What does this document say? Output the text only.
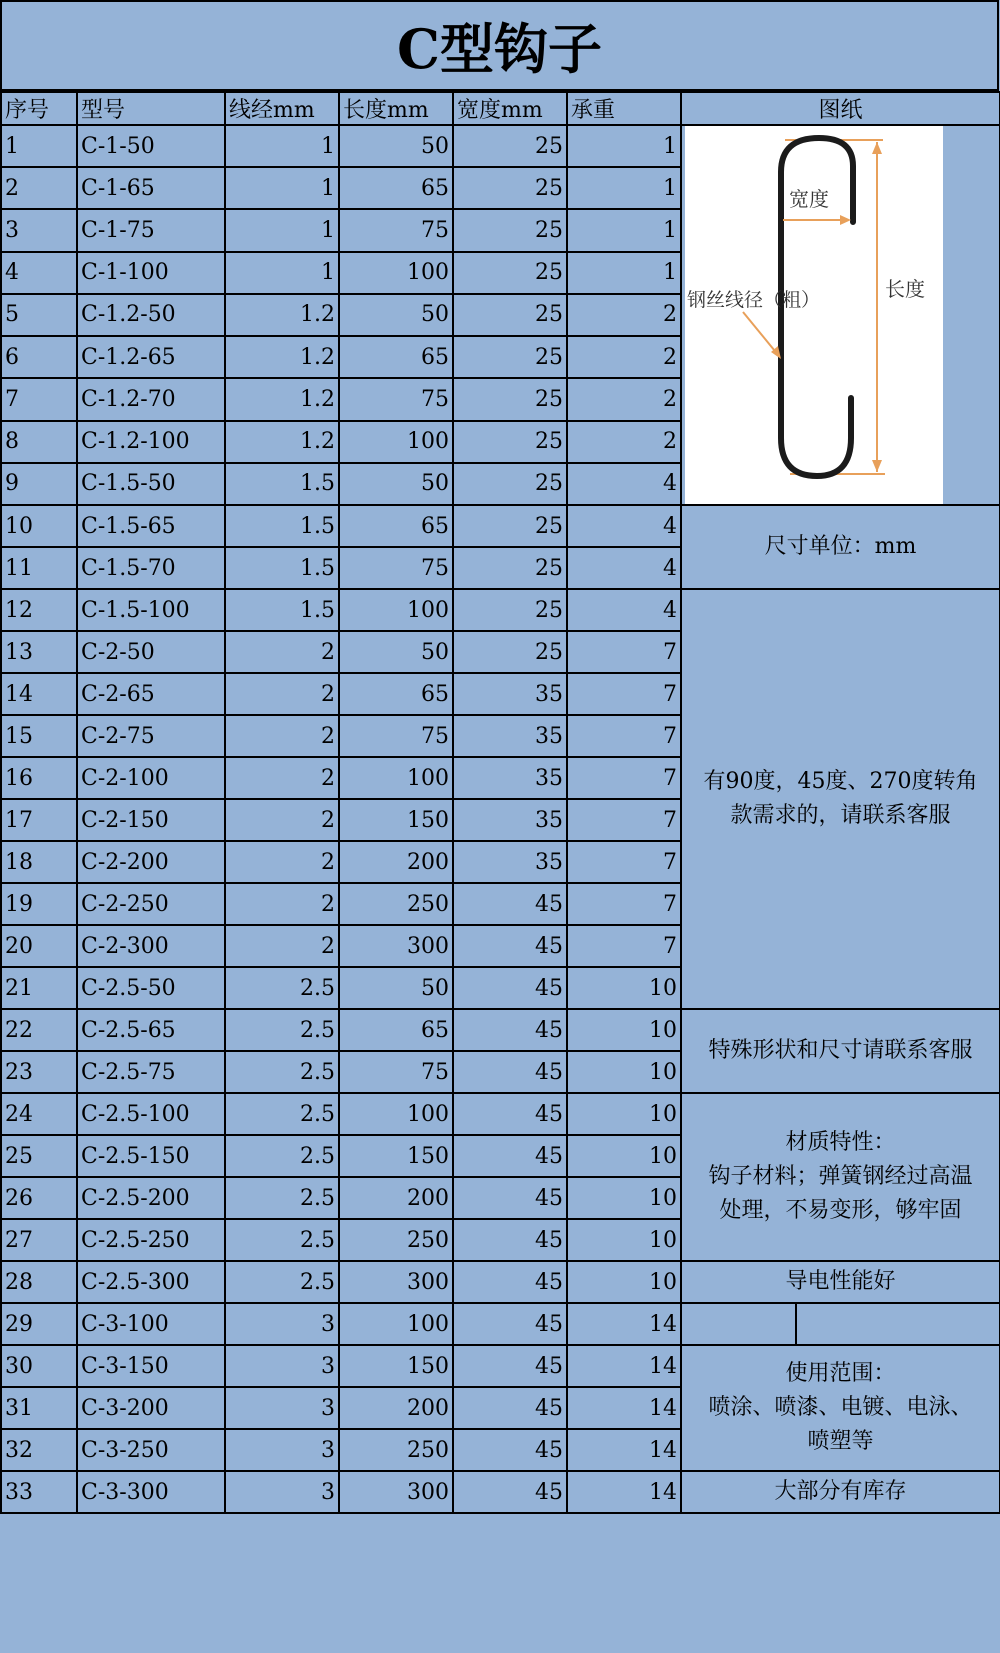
C型钩子
序号	型号	线经mm	长度mm	宽度mm	承重	图纸
1	C-1-50	1	50	25	1	宽度
钢丝线径（粗） 长度

2	C-1-65	1	65	25	1	
3	C-1-75	1	75	25	1	
4	C-1-100	1	100	25	1	
5	C-1.2-50	1.2	50	25	2	
6	C-1.2-65	1.2	65	25	2	
7	C-1.2-70	1.2	75	25	2	
8	C-1.2-100	1.2	100	25	2	
9	C-1.5-50	1.5	50	25	4	
10	C-1.5-65	1.5	65	25	4	尺寸单位：mm

11	C-1.5-70	1.5	75	25	4	
12	C-1.5-100	1.5	100	25	4	有90度，45度、270度转角
款需求的，请联系客服

13	C-2-50	2	50	25	7	
14	C-2-65	2	65	35	7	
15	C-2-75	2	75	35	7	
16	C-2-100	2	100	35	7	
17	C-2-150	2	150	35	7	
18	C-2-200	2	200	35	7	
19	C-2-250	2	250	45	7	
20	C-2-300	2	300	45	7	
21	C-2.5-50	2.5	50	45	10	
22	C-2.5-65	2.5	65	45	10	特殊形状和尺寸请联系客服

23	C-2.5-75	2.5	75	45	10	
24	C-2.5-100	2.5	100	45	10	材质特性：
钩子材料；弹簧钢经过高温
处理，不易变形，够牢固

25	C-2.5-150	2.5	150	45	10	
26	C-2.5-200	2.5	200	45	10	
27	C-2.5-250	2.5	250	45	10	
28	C-2.5-300	2.5	300	45	10	导电性能好

29	C-3-100	3	100	45	14	

30	C-3-150	3	150	45	14	使用范围：
喷涂、喷漆、电镀、电泳、
喷塑等

31	C-3-200	3	200	45	14	
32	C-3-250	3	250	45	14	
33	C-3-300	3	300	45	14	大部分有库存
